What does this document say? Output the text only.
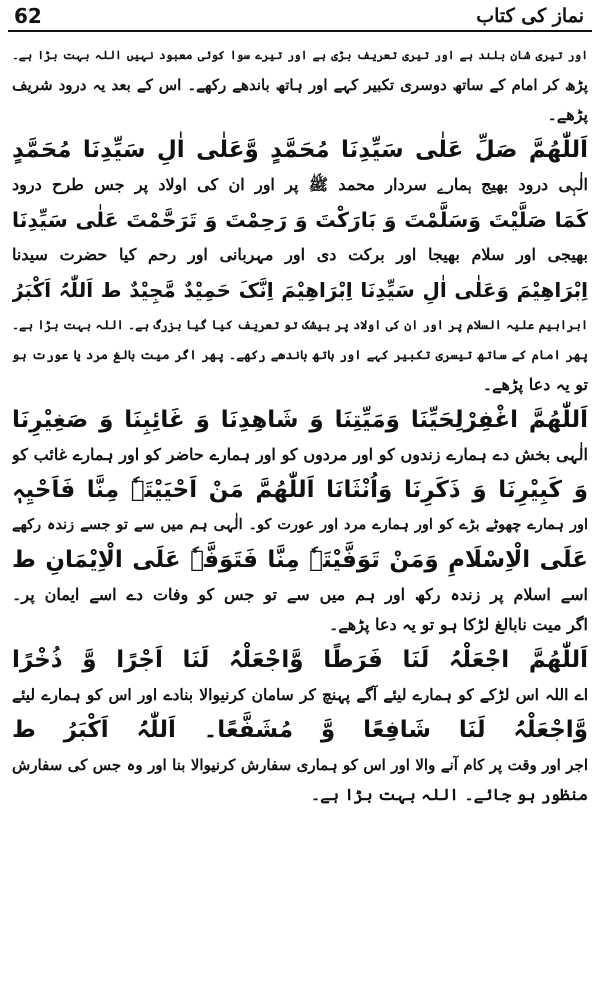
62	نماز کی کتاب
اور تیری شان بلند ہے اور تیری تعریف بڑی ہے اور تیرے سوا کوئی معبود نہیں اللہ بہت بڑا ہے۔
پڑھ کر امام کے ساتھ دوسری تکبیر کہے اور ہاتھ باندھے رکھے۔ اس کے بعد یہ درود شریف
پڑھے۔
اَللّٰھُمَّ صَلِّ عَلٰی سَیِّدِنَا مُحَمَّدٍ وَّعَلٰی اٰلِ سَیِّدِنَا مُحَمَّدٍ
الٰہی درود بھیج ہمارے سردار محمد ﷺ پر اور ان کی اولاد پر جس طرح درود
کَمَا صَلَّیْتَ وَسَلَّمْتَ وَ بَارَکْتَ وَ رَحِمْتَ وَ تَرَحَّمْتَ عَلٰی سَیِّدِنَا
بھیجی اور سلام بھیجا اور برکت دی اور مہربانی اور رحم کیا حضرت سیدنا
اِبْرَاھِیْمَ وَعَلٰی اٰلِ سَیِّدِنَا اِبْرَاھِیْمَ اِنَّکَ حَمِیْدٌ مَّجِیْدٌ ط اَللّٰہُ اَکْبَرُ
ابراہیم علیہ السلام پر اور ان کی اولاد پر بیشک تو تعریف کیا گیا بزرگ ہے۔ اللہ بہت بڑا ہے۔
پھر امام کے ساتھ تیسری تکبیر کہے اور ہاتھ باندھے رکھے۔ پھر اگر میت بالغ مرد یا عورت ہو
تو یہ دعا پڑھے۔
اَللّٰھُمَّ اغْفِرْلِحَیِّنَا وَمَیِّتِنَا وَ شَاھِدِنَا وَ غَائِبِنَا وَ صَغِیْرِنَا
الٰہی بخش دے ہمارے زندوں کو اور مردوں کو اور ہمارے حاضر کو اور ہمارے غائب کو
وَ کَبِیْرِنَا وَ ذَکَرِنَا وَاُنْثَانَا اَللّٰھُمَّ مَنْ اَحْیَیْتَہٗ مِنَّا فَاَحْیِہٖ
اور ہمارے چھوٹے بڑے کو اور ہمارے مرد اور عورت کو۔ الٰہی ہم میں سے تو جسے زندہ رکھے
عَلَی الْاِسْلَامِ وَمَنْ تَوَفَّیْتَہٗ مِنَّا فَتَوَفَّہٗ عَلَی الْاِیْمَانِ ط
اسے اسلام پر زندہ رکھ اور ہم میں سے تو جس کو وفات دے اسے ایمان پر۔
اگر میت نابالغ لڑکا ہو تو یہ دعا پڑھے۔
اَللّٰھُمَّ اجْعَلْہُ لَنَا فَرَطًا وَّاجْعَلْہُ لَنَا اَجْرًا وَّ ذُخْرًا
اے اللہ اس لڑکے کو ہمارے لیئے آگے پہنچ کر سامان کرنیوالا بنادے اور اس کو ہمارے لیئے
وَّاجْعَلْہُ لَنَا شَافِعًا وَّ مُشَفَّعًا۔ اَللّٰہُ اَکْبَرُ ط
اجر اور وقت پر کام آنے والا اور اس کو ہماری سفارش کرنیوالا بنا اور وہ جس کی سفارش
منظور ہو جائے۔ اللہ بہت بڑا ہے۔
